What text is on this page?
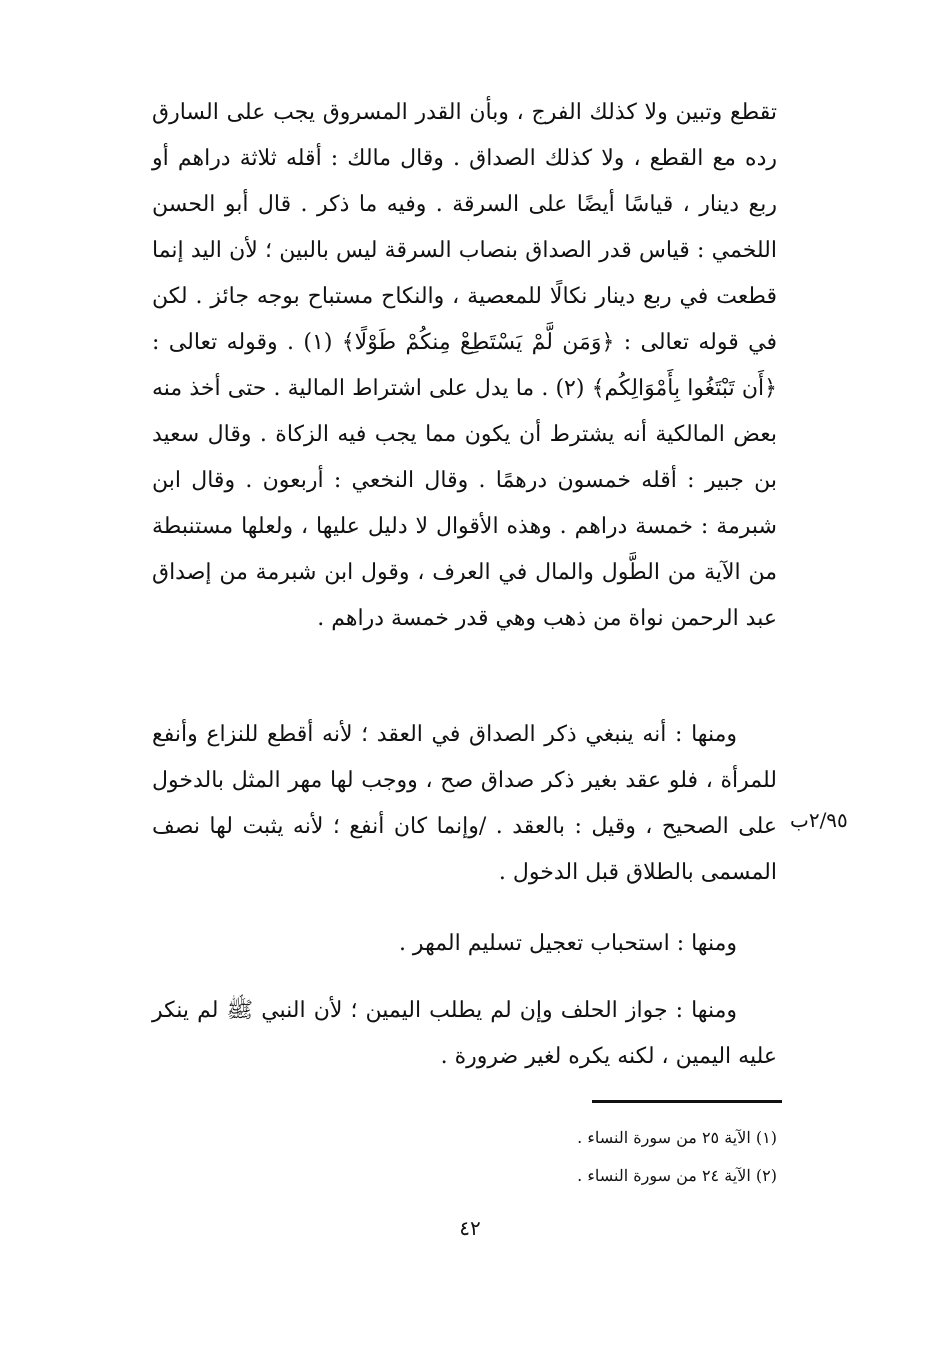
تقطع وتبين ولا كذلك الفرج ، وبأن القدر المسروق يجب على السارق رده مع القطع ، ولا كذلك الصداق . وقال مالك : أقله ثلاثة دراهم أو ربع دينار ، قياسًا أيضًا على السرقة . وفيه ما ذكر . قال أبو الحسن اللخمي : قياس قدر الصداق بنصاب السرقة ليس بالبين ؛ لأن اليد إنما قطعت في ربع دينار نكالًا للمعصية ، والنكاح مستباح بوجه جائز . لكن في قوله تعالى : ﴿وَمَن لَّمْ يَسْتَطِعْ مِنكُمْ طَوْلًا﴾ (١) . وقوله تعالى : ﴿أَن تَبْتَغُوا بِأَمْوَالِكُم﴾ (٢) . ما يدل على اشتراط المالية . حتى أخذ منه بعض المالكية أنه يشترط أن يكون مما يجب فيه الزكاة . وقال سعيد بن جبير : أقله خمسون درهمًا . وقال النخعي : أربعون . وقال ابن شبرمة : خمسة دراهم . وهذه الأقوال لا دليل عليها ، ولعلها مستنبطة من الآية من الطَّول والمال في العرف ، وقول ابن شبرمة من إصداق عبد الرحمن نواة من ذهب وهي قدر خمسة دراهم .

ومنها : أنه ينبغي ذكر الصداق في العقد ؛ لأنه أقطع للنزاع وأنفع للمرأة ، فلو عقد بغير ذكر صداق صح ، ووجب لها مهر المثل بالدخول على الصحيح ، وقيل : بالعقد . /وإنما كان أنفع ؛ لأنه يثبت لها نصف المسمى بالطلاق قبل الدخول .

٢/٩٥ب

ومنها : استحباب تعجيل تسليم المهر .

ومنها : جواز الحلف وإن لم يطلب اليمين ؛ لأن النبي ﷺ لم ينكر عليه اليمين ، لكنه يكره لغير ضرورة .

(١) الآية ٢٥ من سورة النساء .

(٢) الآية ٢٤ من سورة النساء .

٤٢
